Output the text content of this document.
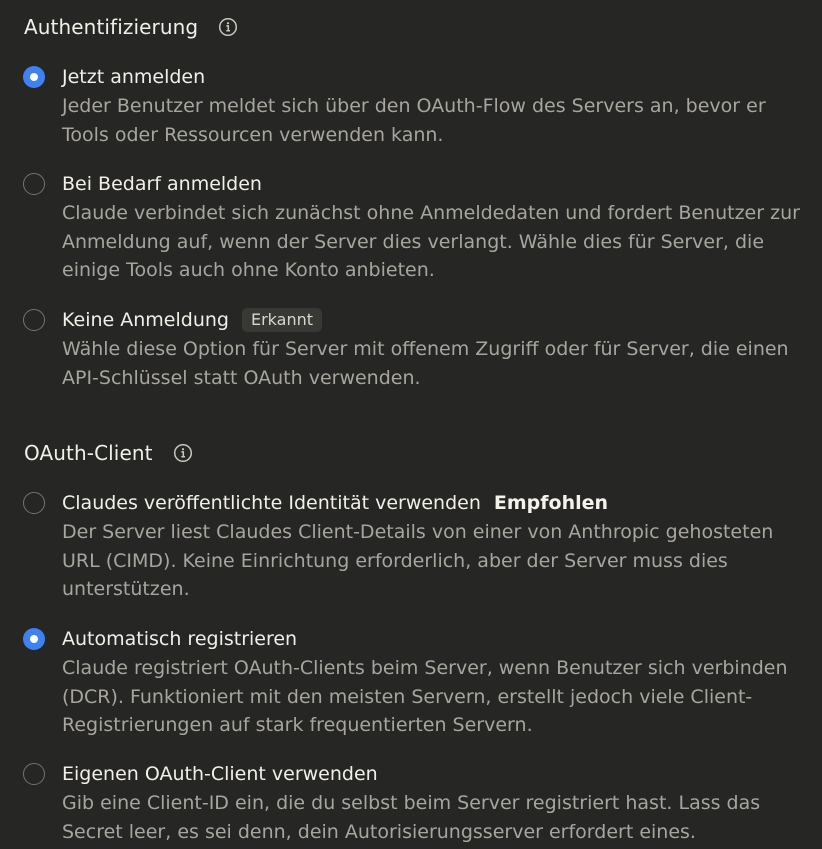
Authentifizierung
Jetzt anmelden
Jeder Benutzer meldet sich über den OAuth-Flow des Servers an, bevor er Tools oder Ressourcen verwenden kann.
Bei Bedarf anmelden
Claude verbindet sich zunächst ohne Anmeldedaten und fordert Benutzer zur Anmeldung auf, wenn der Server dies verlangt. Wähle dies für Server, die einige Tools auch ohne Konto anbieten.
Keine Anmeldung	Erkannt
Wähle diese Option für Server mit offenem Zugriff oder für Server, die einen API-Schlüssel statt OAuth verwenden.
OAuth-Client
Claudes veröffentlichte Identität verwenden Empfohlen
Der Server liest Claudes Client-Details von einer von Anthropic gehosteten URL (CIMD). Keine Einrichtung erforderlich, aber der Server muss dies unterstützen.
Automatisch registrieren
Claude registriert OAuth-Clients beim Server, wenn Benutzer sich verbinden (DCR). Funktioniert mit den meisten Servern, erstellt jedoch viele Client-Registrierungen auf stark frequentierten Servern.
Eigenen OAuth-Client verwenden
Gib eine Client-ID ein, die du selbst beim Server registriert hast. Lass das Secret leer, es sei denn, dein Autorisierungsserver erfordert eines.
